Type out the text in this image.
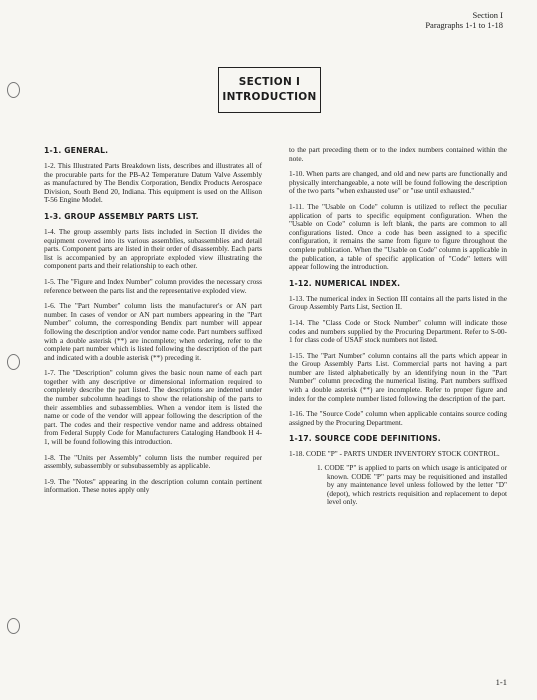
Section I
Paragraphs 1-1 to 1-18
SECTION I
INTRODUCTION
1-1. GENERAL.

1-2. This Illustrated Parts Breakdown lists, describes and illustrates all of the procurable parts for the PB-A2 Temperature Datum Valve Assembly as manufactured by The Bendix Corporation, Bendix Products Aerospace Division, South Bend 20, Indiana. This equipment is used on the Allison T-56 Engine Model.

1-3. GROUP ASSEMBLY PARTS LIST.

1-4. The group assembly parts lists included in Section II divides the equipment covered into its various assemblies, subassemblies and detail parts. Component parts are listed in their order of disassembly. Each parts list is accompanied by an appropriate exploded view illustrating the component parts and their relationship to each other.

1-5. The "Figure and Index Number" column provides the necessary cross reference between the parts list and the representative exploded view.

1-6. The "Part Number" column lists the manufacturer's or AN part number. In cases of vendor or AN part numbers appearing in the "Part Number" column, the corresponding Bendix part number will appear following the description and/or vendor name code. Part numbers suffixed with a double asterisk (**) are incomplete; when ordering, refer to the complete part number which is listed following the description of the part and indicated with a double asterisk (**) preceding it.

1-7. The "Description" column gives the basic noun name of each part together with any descriptive or dimensional information required to completely describe the part listed. The descriptions are indented under the number subcolumn headings to show the relationship of the parts to their assemblies and subassemblies. When a vendor item is listed the name or code of the vendor will appear following the description of the part. The codes and their respective vendor name and address obtained from Federal Supply Code for Manufacturers Cataloging Handbook H 4-1, will be found following this introduction.

1-8. The "Units per Assembly" column lists the number required per assembly, subassembly or subsubassembly as applicable.

1-9. The "Notes" appearing in the description column contain pertinent information. These notes apply only

to the part preceding them or to the index numbers contained within the note.

1-10. When parts are changed, and old and new parts are functionally and physically interchangeable, a note will be found following the description of the two parts "when exhausted use" or "use until exhausted."

1-11. The "Usable on Code" column is utilized to reflect the peculiar application of parts to specific equipment configuration. When the "Usable on Code" column is left blank, the parts are common to all configurations listed. Once a code has been assigned to a specific configuration, it remains the same from figure to figure throughout the complete publication. When the "Usable on Code" column is applicable in the publication, a table of specific application of "Code" letters will appear following the introduction.

1-12. NUMERICAL INDEX.

1-13. The numerical index in Section III contains all the parts listed in the Group Assembly Parts List, Section II.

1-14. The "Class Code or Stock Number" column will indicate those codes and numbers supplied by the Procuring Department. Refer to S-00-1 for class code of USAF stock numbers not listed.

1-15. The "Part Number" column contains all the parts which appear in the Group Assembly Parts List. Commercial parts not having a part number are listed alphabetically by an identifying noun in the "Part Number" column preceding the numerical listing. Part numbers suffixed with a double asterisk (**) are incomplete. Refer to proper figure and index for the complete number listed following the description of the part.

1-16. The "Source Code" column when applicable contains source coding assigned by the Procuring Department.

1-17. SOURCE CODE DEFINITIONS.

1-18. CODE "P" - PARTS UNDER INVENTORY STOCK CONTROL.

1. CODE "P" is applied to parts on which usage is anticipated or known. CODE "P" parts may be requisitioned and installed by any maintenance level unless followed by the letter "D" (depot), which restricts requisition and replacement to depot level only.

1-1
